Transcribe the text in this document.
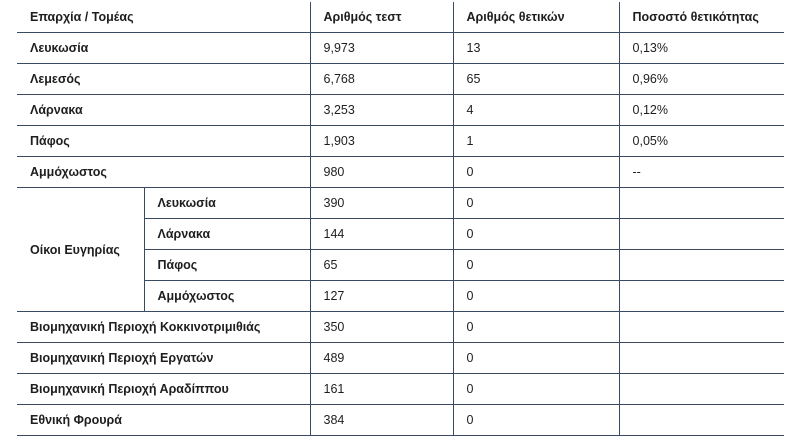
Επαρχία / Τομέας		Αριθμός τεστ	Αριθμός θετικών	Ποσοστό θετικότητας
Λευκωσία		9,973	13	0,13%
Λεμεσός		6,768	65	0,96%
Λάρνακα		3,253	4	0,12%
Πάφος		1,903	1	0,05%
Αμμόχωστος		980	0	--
Οίκοι Ευγηρίας	Λευκωσία	390	0	
	Λάρνακα	144	0	
	Πάφος	65	0	
	Αμμόχωστος	127	0	
Βιομηχανική Περιοχή Κοκκινοτριμιθιάς		350	0	
Βιομηχανική Περιοχή Εργατών		489	0	
Βιομηχανική Περιοχή Αραδίππου		161	0	
Εθνική Φρουρά		384	0	
